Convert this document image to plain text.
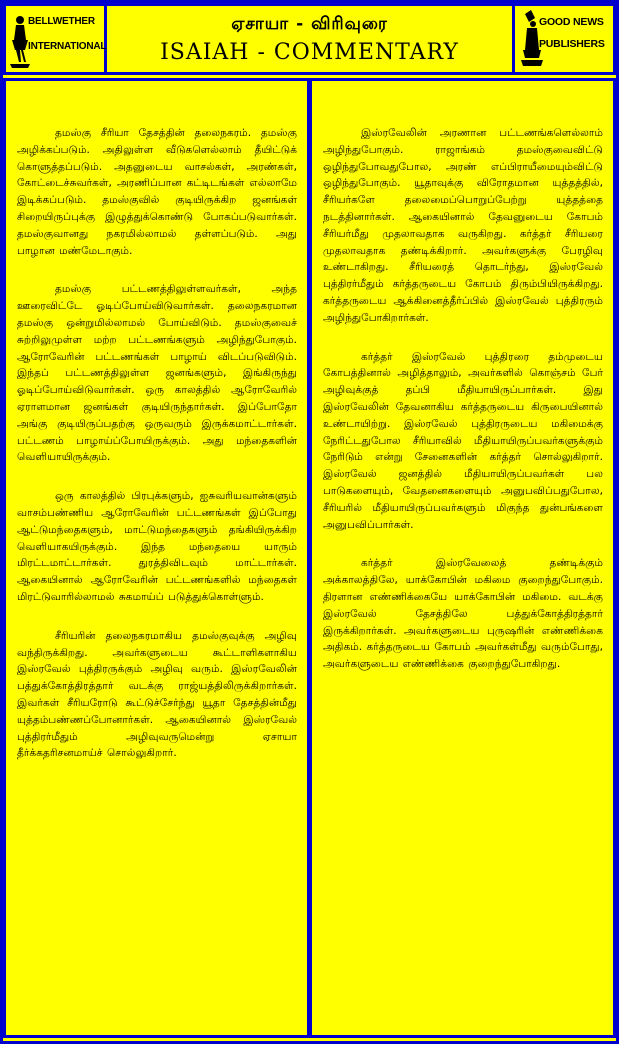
BELLWETHER
INTERNATIONAL
ஏசாயா - விரிவுரை
ISAIAH - COMMENTARY
GOOD NEWS
PUBLISHERS

தமஸ்கு சீரியா தேசத்தின் தலைநகரம். தமஸ்கு அழிக்கப்படும். அதிலுள்ள வீடுகளெல்லாம் தீயிட்டுக் கொளுத்தப்படும். அதனுடைய வாசல்கள், அரண்கள், கோட்டைச்சுவர்கள், அரணிப்பான கட்டிடங்கள் எல்லாமே இடிக்கப்படும். தமஸ்குவில் குடியிருக்கிற ஜனங்கள் சிறையிருப்புக்கு இழுத்துக்கொண்டு போகப்படுவார்கள். தமஸ்குவானது நகரமில்லாமல் தள்ளப்படும். அது பாழான மண்மேடாகும்.

தமஸ்கு பட்டணத்திலுள்ளவர்கள், அந்த ஊரைவிட்டே ஓடிப்போய்விடுவார்கள். தலைநகரமான தமஸ்கு ஒன்றுமில்லாமல் போய்விடும். தமஸ்குவைச் சுற்றிலுமுள்ள மற்ற பட்டணங்களும் அழிந்துபோகும். ஆரோவேரின் பட்டணங்கள் பாழாய் விடப்படுவிடும். இந்தப் பட்டணத்திலுள்ள ஜனங்களும், இங்கிருந்து ஓடிப்போய்விடுவார்கள். ஒரு காலத்தில் ஆரோவேரில் ஏராளமான ஜனங்கள் குடியிருந்தார்கள். இப்போதோ அங்கு குடியிருப்பதற்கு ஒருவரும் இருக்கமாட்டார்கள். பட்டணம் பாழாய்ப்போயிருக்கும். அது மந்தைகளின் வெளியாயிருக்கும்.

ஒரு காலத்தில் பிரபுக்களும், ஐசுவரியவான்களும் வாசம்பண்ணிய ஆரோவேரின் பட்டணங்கள் இப்போது ஆட்டுமந்தைகளும், மாட்டுமந்தைகளும் தங்கியிருக்கிற வெளியாகயிருக்கும். இந்த மந்தையை யாரும் மிரட்டமாட்டார்கள். துரத்திவிடவும் மாட்டார்கள். ஆகையினால் ஆரோவேரின் பட்டணங்களில் மந்தைகள் மிரட்டுவாரில்லாமல் சுகமாய்ப் படுத்துக்கொள்ளும்.

சீரியரின் தலைநகரமாகிய தமஸ்குவுக்கு அழிவு வந்திருக்கிறது. அவர்களுடைய கூட்டாளிகளாகிய இஸ்ரவேல் புத்திரருக்கும் அழிவு வரும். இஸ்ரவேலின் பத்துக்கோத்திரத்தார் வடக்கு ராஜ்யத்திலிருக்கிறார்கள். இவர்கள் சீரியரோடு கூட்டுச்சேர்ந்து யூதா தேசத்தின்மீது யுத்தம்பண்ணப்போனார்கள். ஆகையினால் இஸ்ரவேல் புத்திரர்மீதும் அழிவுவருமென்று ஏசாயா தீர்க்கதரிசனமாய்ச் சொல்லுகிறார்.

இஸ்ரவேலின் அரணான பட்டணங்களெல்லாம் அழிந்துபோகும். ராஜாங்கம் தமஸ்குவைவிட்டு ஒழிந்துபோவதுபோல, அரண் எப்பிராயீமையும்விட்டு ஒழிந்துபோகும். யூதாவுக்கு விரோதமான யுத்தத்தில், சீரியர்களே தலைமைப்பொறுப்பேற்று யுத்தத்தை நடத்தினார்கள். ஆகையினால் தேவனுடைய கோபம் சீரியர்மீது முதலாவதாக வருகிறது. கர்த்தர் சீரியரை முதலாவதாக தண்டிக்கிறார். அவர்களுக்கு பேரழிவு உண்டாகிறது. சீரியரைத் தொடர்ந்து, இஸ்ரவேல் புத்திரர்மீதும் கர்த்தருடைய கோபம் திரும்பியிருக்கிறது. கர்த்தருடைய ஆக்கினைத்தீர்ப்பில் இஸ்ரவேல் புத்திரரும் அழிந்துபோகிறார்கள்.

கர்த்தர் இஸ்ரவேல் புத்திரரை தம்முடைய கோபத்தினால் அழித்தாலும், அவர்களில் கொஞ்சம் பேர் அழிவுக்குத் தப்பி மீதியாயிருப்பார்கள். இது இஸ்ரவேலின் தேவனாகிய கர்த்தருடைய கிருபையினால் உண்டாயிற்று. இஸ்ரவேல் புத்திரருடைய மகிமைக்கு நேரிட்டதுபோல சீரியாவில் மீதியாயிருப்பவர்களுக்கும் நேரிடும் என்று சேனைகளின் கர்த்தர் சொல்லுகிறார். இஸ்ரவேல் ஜனத்தில் மீதியாயிருப்பவர்கள் பல பாடுகளையும், வேதனைகளையும் அனுபவிப்பதுபோல, சீரியரில் மீதியாயிருப்பவர்களும் மிகுந்த துன்பங்களை அனுபவிப்பார்கள்.

கர்த்தர் இஸ்ரவேலைத் தண்டிக்கும் அக்காலத்திலே, யாக்கோபின் மகிமை குறைந்துபோகும். திரளான எண்ணிக்கையே யாக்கோபின் மகிமை. வடக்கு இஸ்ரவேல் தேசத்திலே பத்துக்கோத்திரத்தார் இருக்கிறார்கள். அவர்களுடைய புருஷரின் எண்ணிக்கை அதிகம். கர்த்தருடைய கோபம் அவர்கள்மீது வரும்போது, அவர்களுடைய எண்ணிக்கை குறைந்துபோகிறது.
